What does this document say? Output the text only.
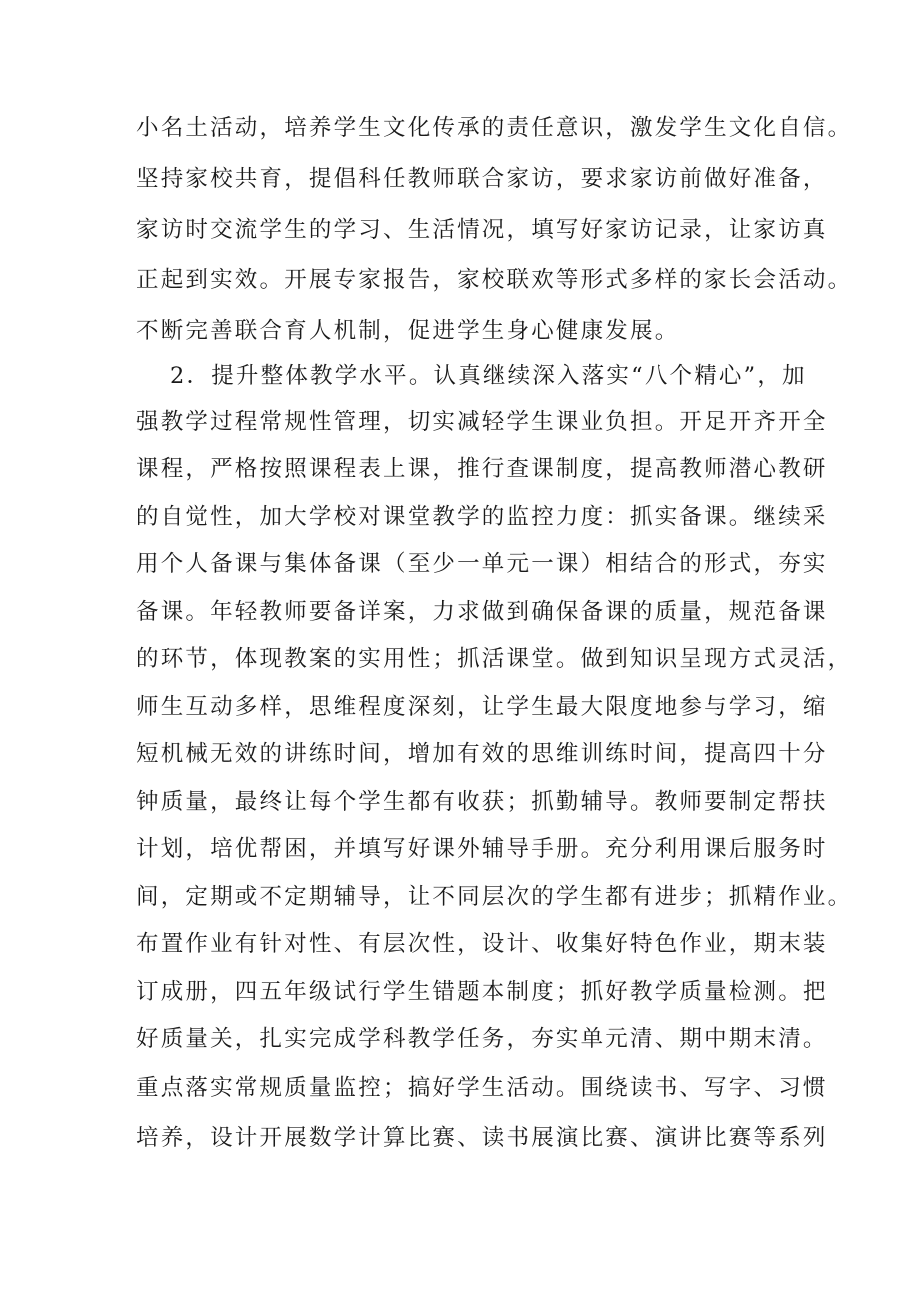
小名土活动，培养学生文化传承的责任意识，激发学生文化自信。
坚持家校共育，提倡科任教师联合家访，要求家访前做好准备，
家访时交流学生的学习、生活情况，填写好家访记录，让家访真
正起到实效。开展专家报告，家校联欢等形式多样的家长会活动。
不断完善联合育人机制，促进学生身心健康发展。
2．提升整体教学水平。认真继续深入落实“八个精心”，加
强教学过程常规性管理，切实减轻学生课业负担。开足开齐开全
课程，严格按照课程表上课，推行查课制度，提高教师潜心教研
的自觉性，加大学校对课堂教学的监控力度：抓实备课。继续采
用个人备课与集体备课（至少一单元一课）相结合的形式，夯实
备课。年轻教师要备详案，力求做到确保备课的质量，规范备课
的环节，体现教案的实用性；抓活课堂。做到知识呈现方式灵活，
师生互动多样，思维程度深刻，让学生最大限度地参与学习，缩
短机械无效的讲练时间，增加有效的思维训练时间，提高四十分
钟质量，最终让每个学生都有收获；抓勤辅导。教师要制定帮扶
计划，培优帮困，并填写好课外辅导手册。充分利用课后服务时
间，定期或不定期辅导，让不同层次的学生都有进步；抓精作业。
布置作业有针对性、有层次性，设计、收集好特色作业，期末装
订成册，四五年级试行学生错题本制度；抓好教学质量检测。把
好质量关，扎实完成学科教学任务，夯实单元清、期中期末清。
重点落实常规质量监控；搞好学生活动。围绕读书、写字、习惯
培养，设计开展数学计算比赛、读书展演比赛、演讲比赛等系列
